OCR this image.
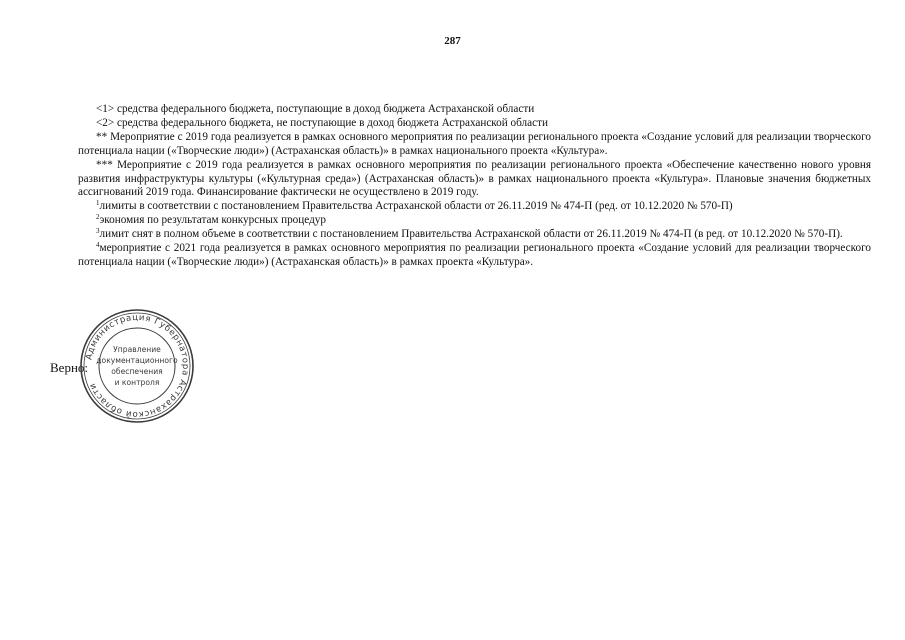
287

<1> средства федерального бюджета, поступающие в доход бюджета Астраханской области

<2> средства федерального бюджета, не поступающие в доход бюджета Астраханской области

** Мероприятие с 2019 года реализуется в рамках основного мероприятия по реализации регионального проекта «Создание условий для реализации творческого потенциала нации («Творческие люди») (Астраханская область)» в рамках национального проекта «Культура».

*** Мероприятие с 2019 года реализуется в рамках основного мероприятия по реализации регионального проекта «Обеспечение качественно нового уровня развития инфраструктуры культуры («Культурная среда») (Астраханская область)» в рамках национального проекта «Культура». Плановые значения бюджетных ассигнований 2019 года. Финансирование фактически не осуществлено в 2019 году.

$^1$лимиты в соответствии с постановлением Правительства Астраханской области от 26.11.2019 № 474-П (ред. от 10.12.2020 № 570-П)

$^2$экономия по результатам конкурсных процедур

$^3$лимит снят в полном объеме в соответствии с постановлением Правительства Астраханской области от 26.11.2019 № 474-П (в ред. от 10.12.2020 № 570-П).

$^4$мероприятие с 2021 года реализуется в рамках основного мероприятия по реализации регионального проекта «Создание условий для реализации творческого потенциала нации («Творческие люди») (Астраханская область)» в рамках проекта «Культура».

Верно:
Администрация Губернатора Астраханской области
Управление
документационного
обеспечения
и контроля
